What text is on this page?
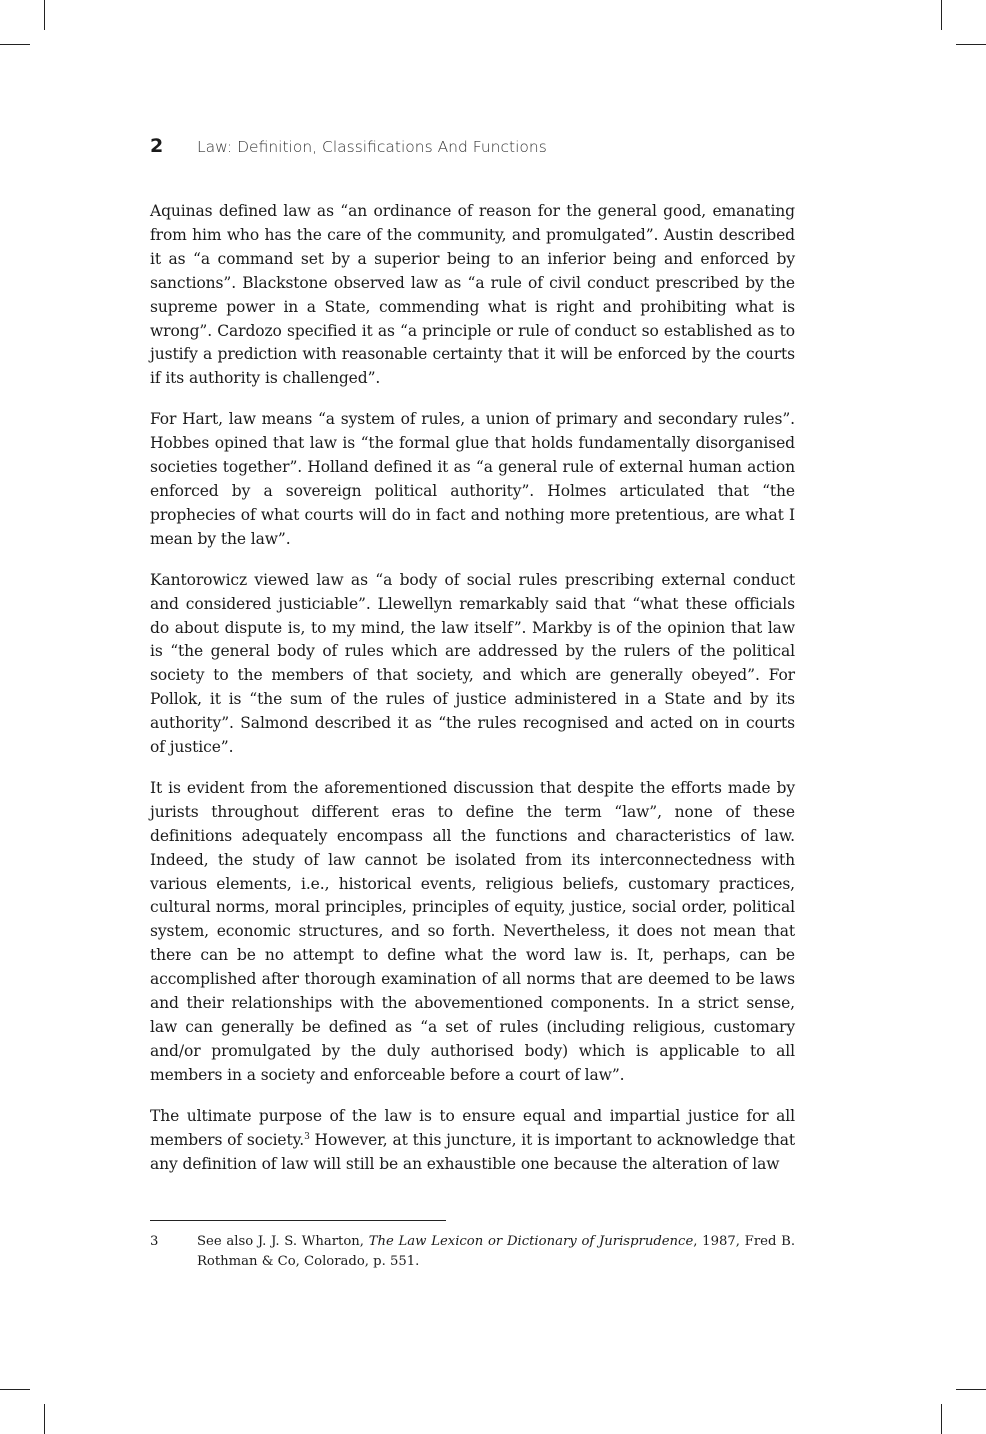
2	Law: Definition, Classifications And Functions

Aquinas defined law as “an ordinance of reason for the general good, emanating from him who has the care of the community, and promulgated”. Austin described it as “a command set by a superior being to an inferior being and enforced by sanctions”. Blackstone observed law as “a rule of civil conduct prescribed by the supreme power in a State, commending what is right and prohibiting what is wrong”. Cardozo specified it as “a principle or rule of conduct so established as to justify a prediction with reasonable certainty that it will be enforced by the courts if its authority is challenged”.

For Hart, law means “a system of rules, a union of primary and secondary rules”. Hobbes opined that law is “the formal glue that holds fundamentally disorganised societies together”. Holland defined it as “a general rule of external human action enforced by a sovereign political authority”. Holmes articulated that “the prophecies of what courts will do in fact and nothing more pretentious, are what I mean by the law”.

Kantorowicz viewed law as “a body of social rules prescribing external conduct and considered justiciable”. Llewellyn remarkably said that “what these officials do about dispute is, to my mind, the law itself”. Markby is of the opinion that law is “the general body of rules which are addressed by the rulers of the political society to the members of that society, and which are generally obeyed”. For Pollok, it is “the sum of the rules of justice administered in a State and by its authority”. Salmond described it as “the rules recognised and acted on in courts of justice”.

It is evident from the aforementioned discussion that despite the efforts made by jurists throughout different eras to define the term “law”, none of these definitions adequately encompass all the functions and characteristics of law. Indeed, the study of law cannot be isolated from its interconnectedness with various elements, i.e., historical events, religious beliefs, customary practices, cultural norms, moral principles, principles of equity, justice, social order, political system, economic structures, and so forth. Nevertheless, it does not mean that there can be no attempt to define what the word law is. It, perhaps, can be accomplished after thorough examination of all norms that are deemed to be laws and their relationships with the abovementioned components. In a strict sense, law can generally be defined as “a set of rules (including religious, customary and/or promulgated by the duly authorised body) which is applicable to all members in a society and enforceable before a court of law”.

The ultimate purpose of the law is to ensure equal and impartial justice for all members of society.$^3$ However, at this juncture, it is important to acknowledge that any definition of law will still be an exhaustible one because the alteration of law

3	See also J. J. S. Wharton, The Law Lexicon or Dictionary of Jurisprudence, 1987, Fred B. Rothman & Co, Colorado, p. 551.
